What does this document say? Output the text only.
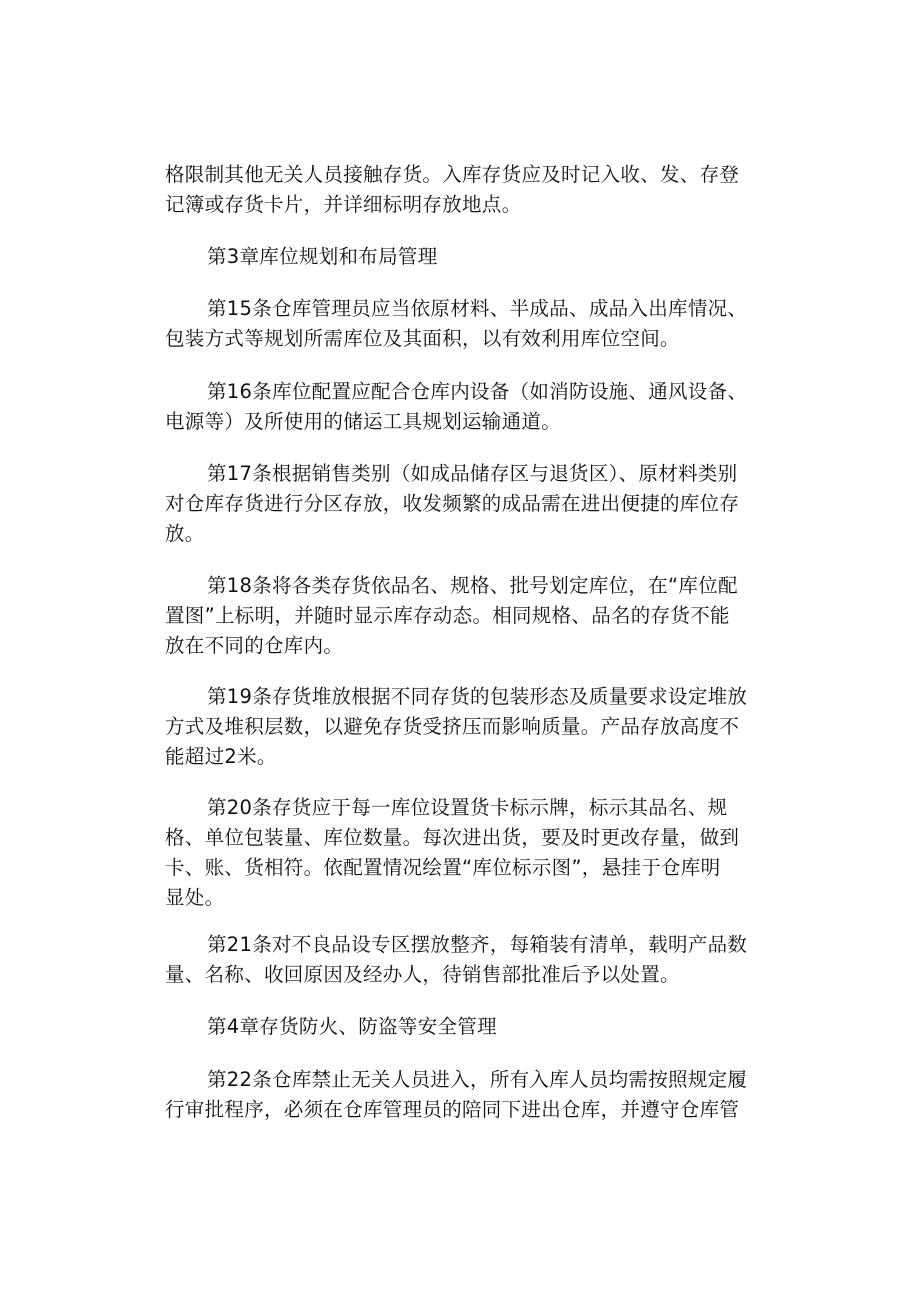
格限制其他无关人员接触存货。入库存货应及时记入收、发、存登
记簿或存货卡片，并详细标明存放地点。
第3章库位规划和布局管理
第15条仓库管理员应当依原材料、半成品、成品入出库情况、
包装方式等规划所需库位及其面积，以有效利用库位空间。
第16条库位配置应配合仓库内设备（如消防设施、通风设备、
电源等）及所使用的储运工具规划运输通道。
第17条根据销售类别（如成品储存区与退货区）、原材料类别
对仓库存货进行分区存放，收发频繁的成品需在进出便捷的库位存
放。
第18条将各类存货依品名、规格、批号划定库位，在“库位配
置图”上标明，并随时显示库存动态。相同规格、品名的存货不能
放在不同的仓库内。
第19条存货堆放根据不同存货的包装形态及质量要求设定堆放
方式及堆积层数，以避免存货受挤压而影响质量。产品存放高度不
能超过2米。
第20条存货应于每一库位设置货卡标示牌，标示其品名、规
格、单位包装量、库位数量。每次进出货，要及时更改存量，做到
卡、账、货相符。依配置情况绘置“库位标示图”，悬挂于仓库明
显处。
第21条对不良品设专区摆放整齐，每箱装有清单，载明产品数
量、名称、收回原因及经办人，待销售部批准后予以处置。
第4章存货防火、防盗等安全管理
第22条仓库禁止无关人员进入，所有入库人员均需按照规定履
行审批程序，必须在仓库管理员的陪同下进出仓库，并遵守仓库管
